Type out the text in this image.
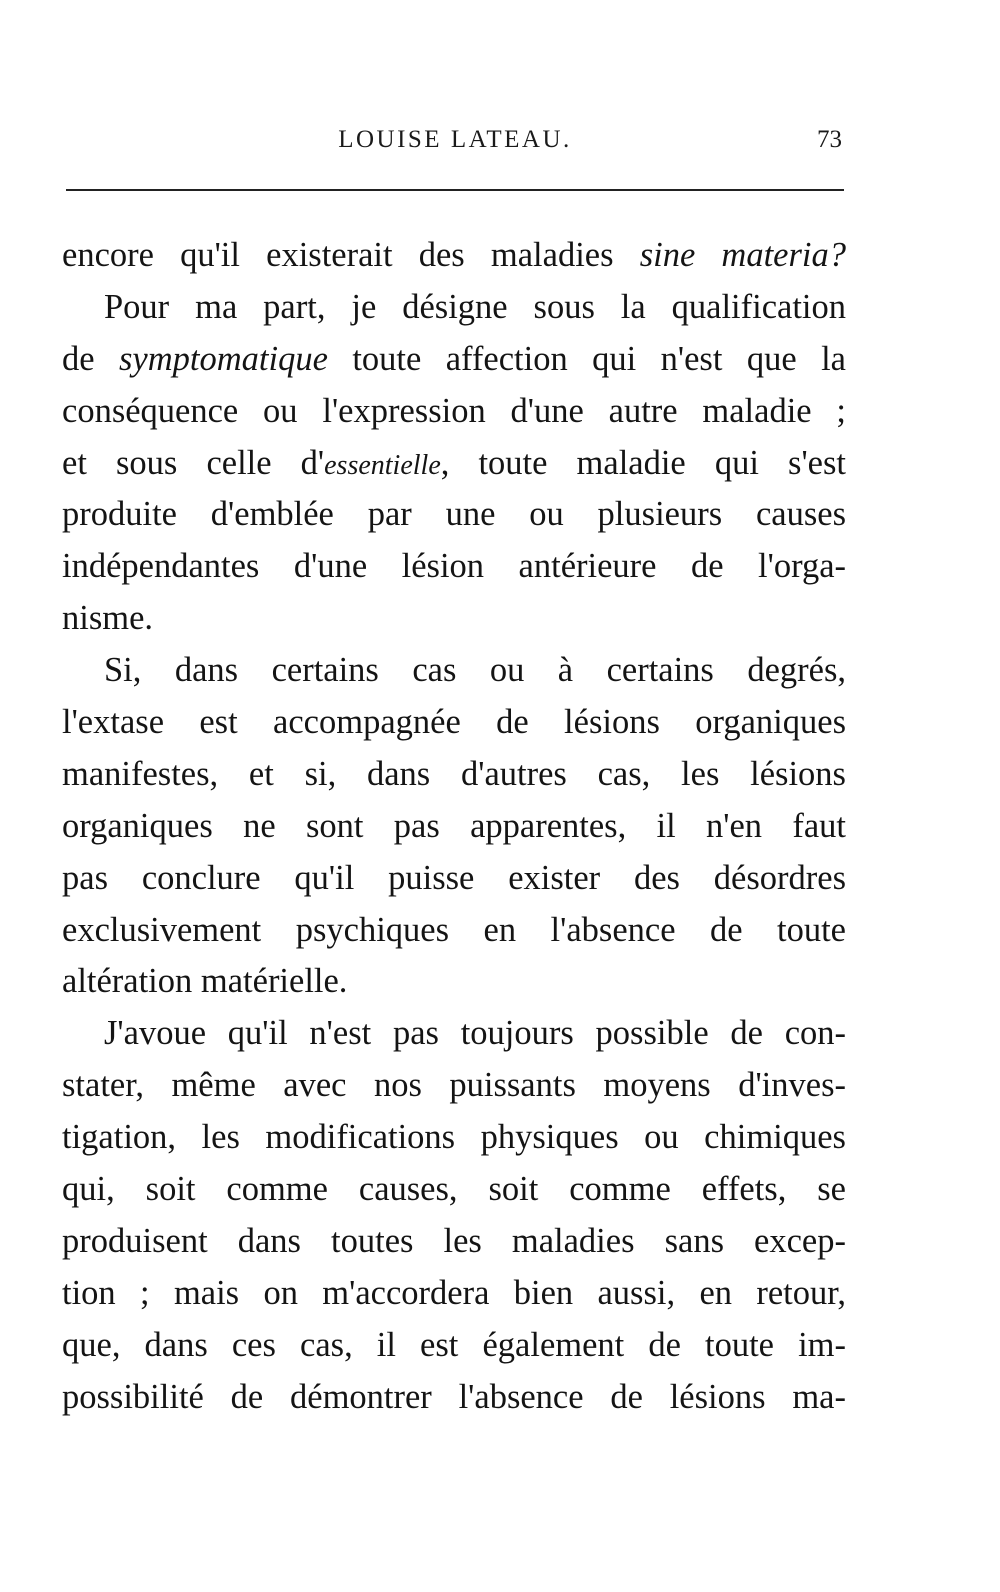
LOUISE LATEAU.	73
encore qu'il existerait des maladies sine materia?
Pour ma part, je désigne sous la qualification
de symptomatique toute affection qui n'est que la
conséquence ou l'expression d'une autre maladie ;
et sous celle d'essentielle, toute maladie qui s'est
produite d'emblée par une ou plusieurs causes
indépendantes d'une lésion antérieure de l'orga-
nisme.
Si, dans certains cas ou à certains degrés,
l'extase est accompagnée de lésions organiques
manifestes, et si, dans d'autres cas, les lésions
organiques ne sont pas apparentes, il n'en faut
pas conclure qu'il puisse exister des désordres
exclusivement psychiques en l'absence de toute
altération matérielle.
J'avoue qu'il n'est pas toujours possible de con-
stater, même avec nos puissants moyens d'inves-
tigation, les modifications physiques ou chimiques
qui, soit comme causes, soit comme effets, se
produisent dans toutes les maladies sans excep-
tion ; mais on m'accordera bien aussi, en retour,
que, dans ces cas, il est également de toute im-
possibilité de démontrer l'absence de lésions ma-
